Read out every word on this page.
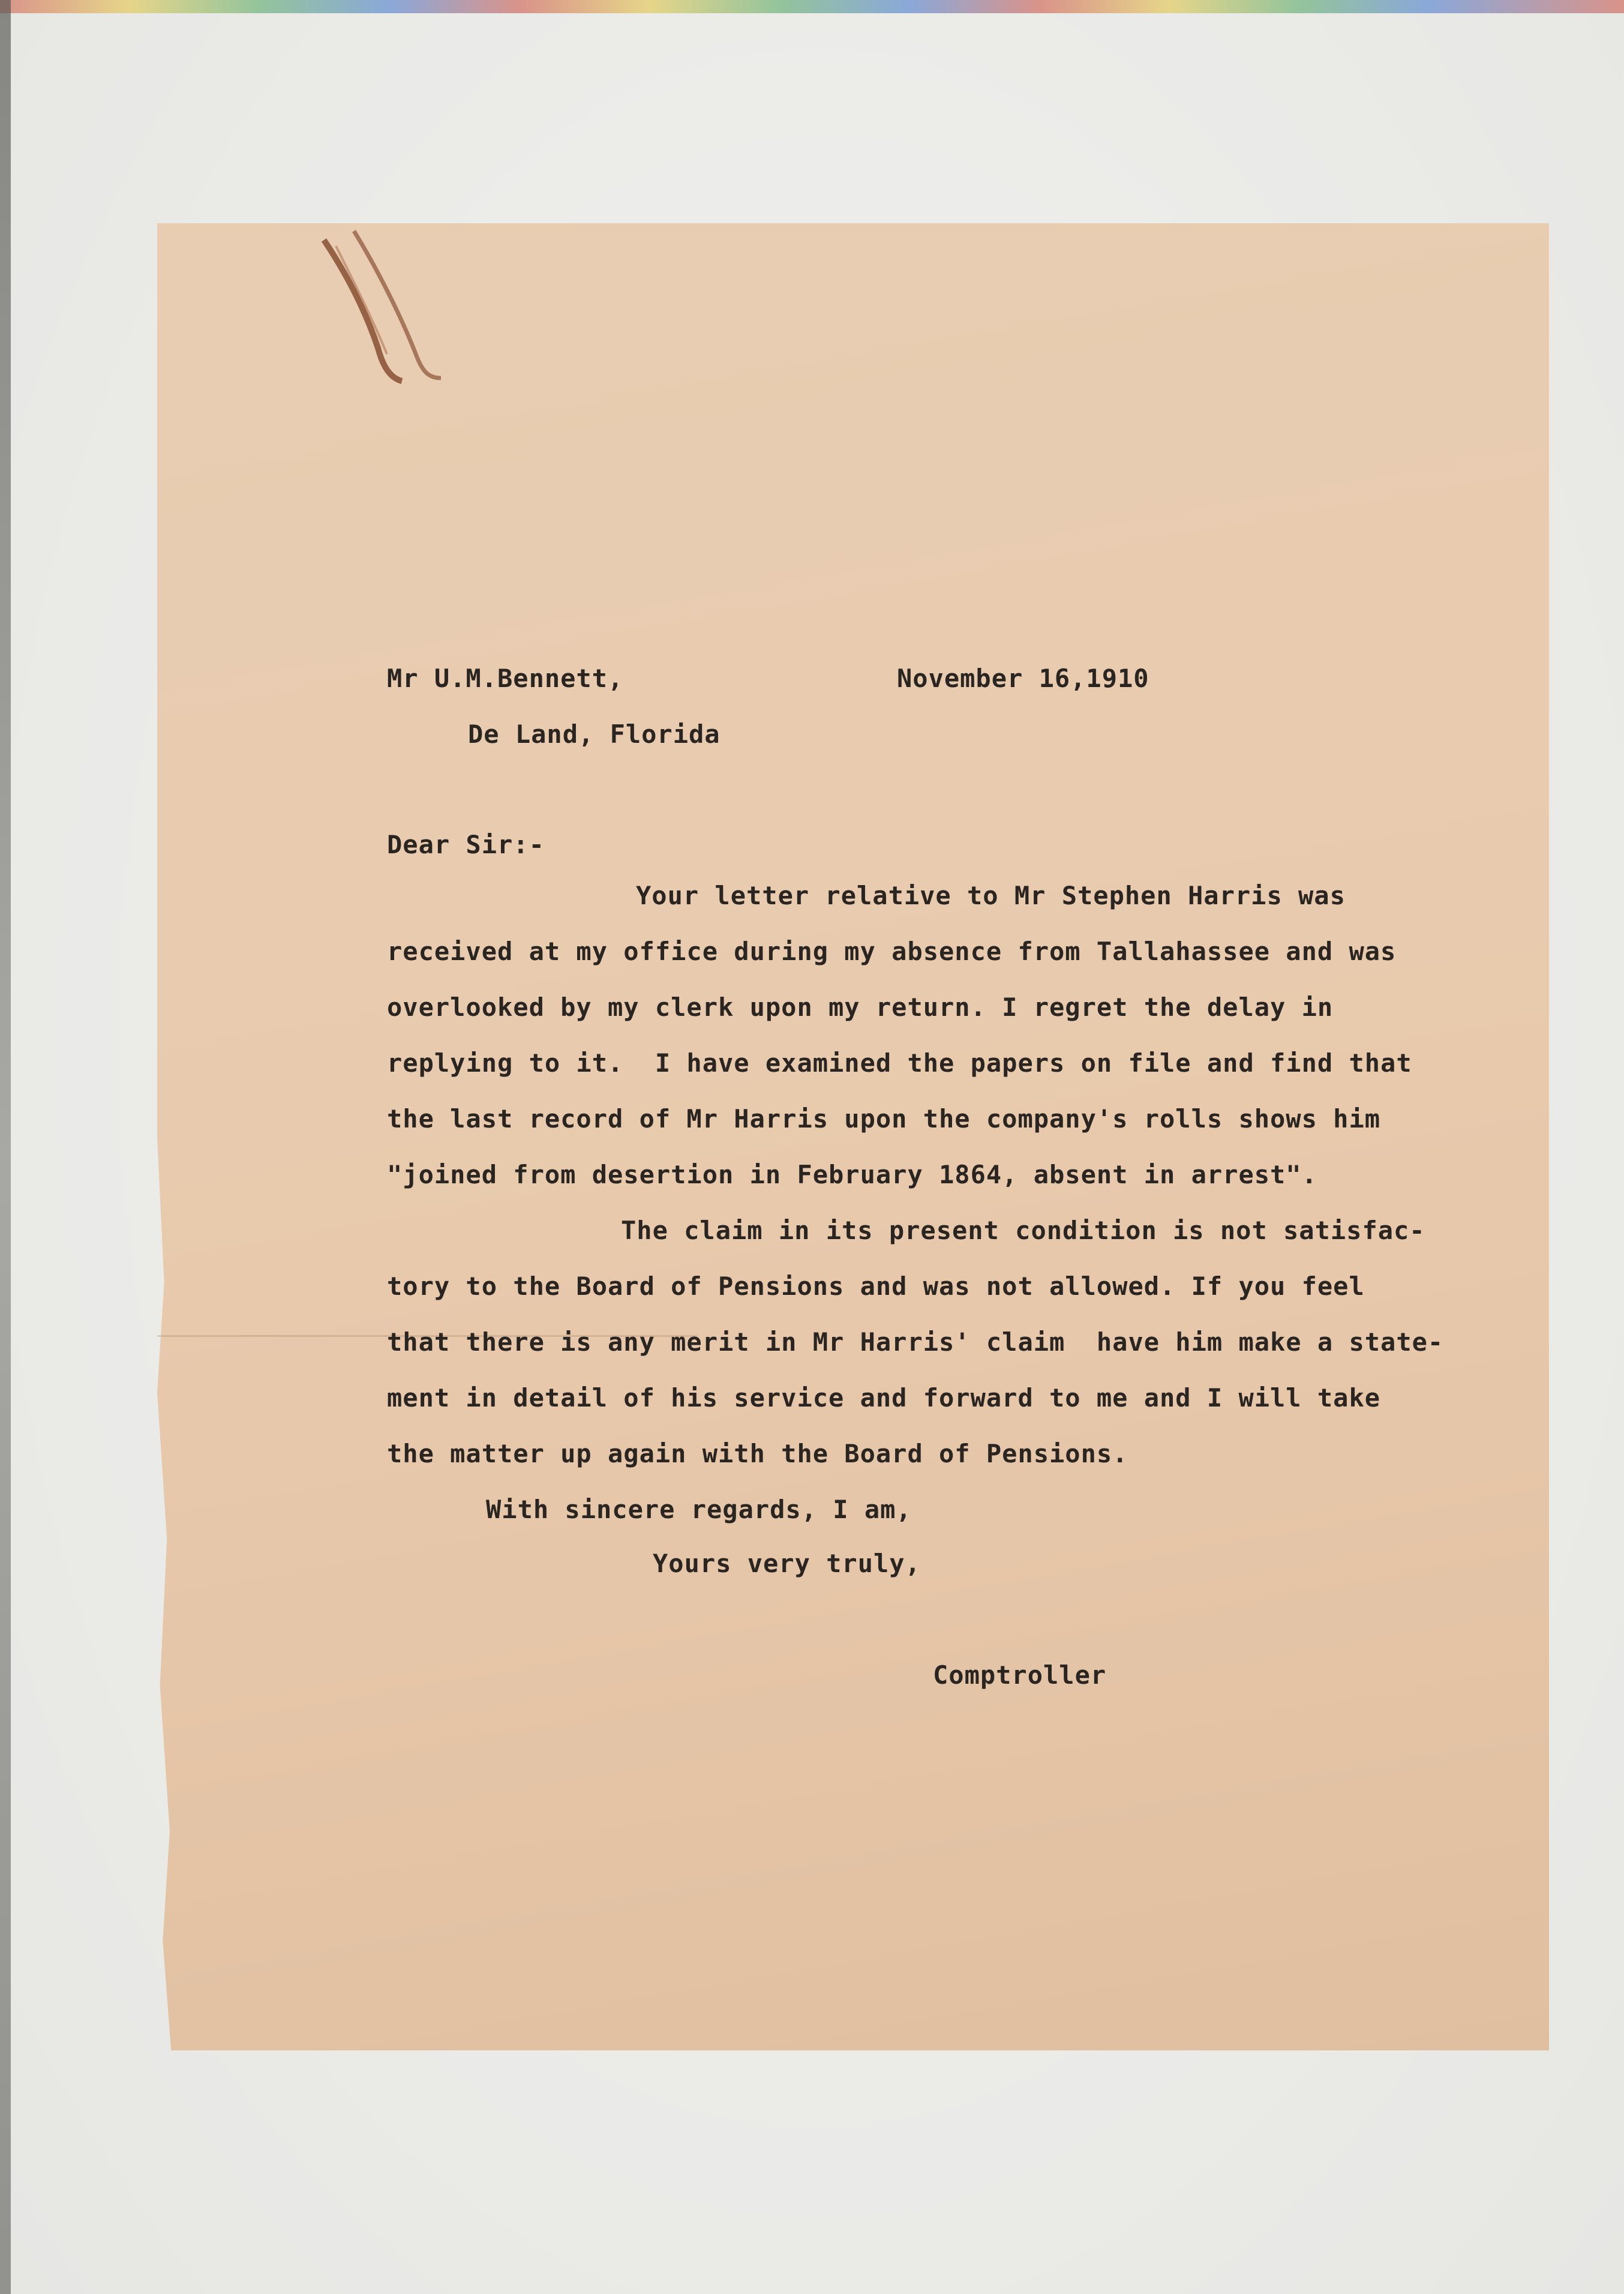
Mr U.M.Bennett,	November 16,1910
De Land, Florida
Dear Sir:-
Your letter relative to Mr Stephen Harris was
received at my office during my absence from Tallahassee and was
overlooked by my clerk upon my return. I regret the delay in
replying to it.  I have examined the papers on file and find that
the last record of Mr Harris upon the company's rolls shows him
"joined from desertion in February 1864, absent in arrest".
The claim in its present condition is not satisfac-
tory to the Board of Pensions and was not allowed. If you feel
that there is any merit in Mr Harris' claim  have him make a state-
ment in detail of his service and forward to me and I will take
the matter up again with the Board of Pensions.
With sincere regards, I am,
Yours very truly,
Comptroller
